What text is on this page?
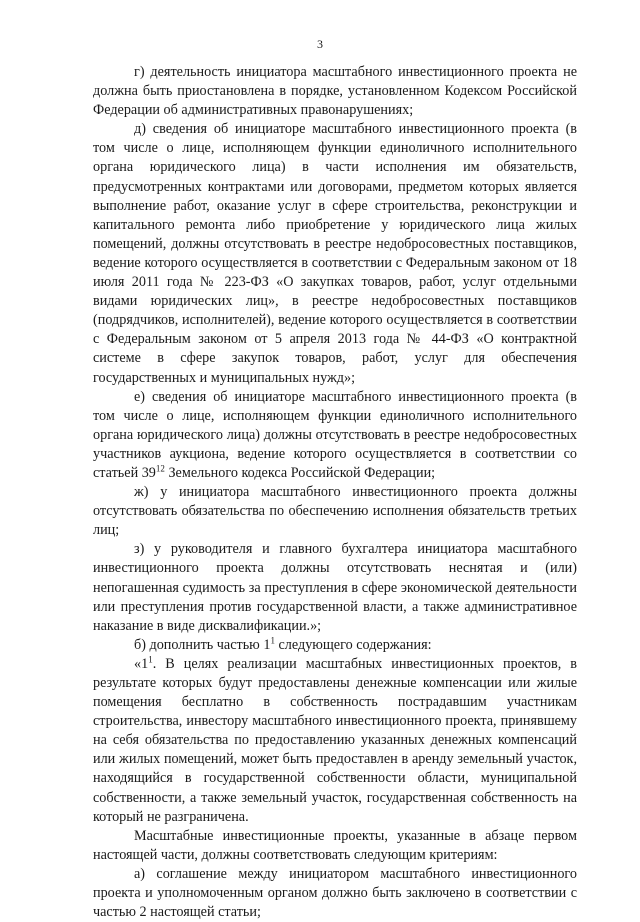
3

г) деятельность инициатора масштабного инвестиционного проекта не должна быть приостановлена в порядке, установленном Кодексом Российской Федерации об административных правонарушениях;

д) сведения об инициаторе масштабного инвестиционного проекта (в том числе о лице, исполняющем функции единоличного исполнительного органа юридического лица) в части исполнения им обязательств, предусмотренных контрактами или договорами, предметом которых является выполнение работ, оказание услуг в сфере строительства, реконструкции и капитального ремонта либо приобретение у юридического лица жилых помещений, должны отсутствовать в реестре недобросовестных поставщиков, ведение которого осуществляется в соответствии с Федеральным законом от 18 июля 2011 года № 223-ФЗ «О закупках товаров, работ, услуг отдельными видами юридических лиц», в реестре недобросовестных поставщиков (подрядчиков, исполнителей), ведение которого осуществляется в соответствии с Федеральным законом от 5 апреля 2013 года № 44-ФЗ «О контрактной системе в сфере закупок товаров, работ, услуг для обеспечения государственных и муниципальных нужд»;

е) сведения об инициаторе масштабного инвестиционного проекта (в том числе о лице, исполняющем функции единоличного исполнительного органа юридического лица) должны отсутствовать в реестре недобросовестных участников аукциона, ведение которого осуществляется в соответствии со статьей $39^{12}$ Земельного кодекса Российской Федерации;

ж) у инициатора масштабного инвестиционного проекта должны отсутствовать обязательства по обеспечению исполнения обязательств третьих лиц;

з) у руководителя и главного бухгалтера инициатора масштабного инвестиционного проекта должны отсутствовать неснятая и (или) непогашенная судимость за преступления в сфере экономической деятельности или преступления против государственной власти, а также административное наказание в виде дисквалификации.»;

б) дополнить частью $1^1$ следующего содержания:

«$1^1$. В целях реализации масштабных инвестиционных проектов, в результате которых будут предоставлены денежные компенсации или жилые помещения бесплатно в собственность пострадавшим участникам строительства, инвестору масштабного инвестиционного проекта, принявшему на себя обязательства по предоставлению указанных денежных компенсаций или жилых помещений, может быть предоставлен в аренду земельный участок, находящийся в государственной собственности области, муниципальной собственности, а также земельный участок, государственная собственность на который не разграничена.

Масштабные инвестиционные проекты, указанные в абзаце первом настоящей части, должны соответствовать следующим критериям:

а) соглашение между инициатором масштабного инвестиционного проекта и уполномоченным органом должно быть заключено в соответствии с частью 2 настоящей статьи;
